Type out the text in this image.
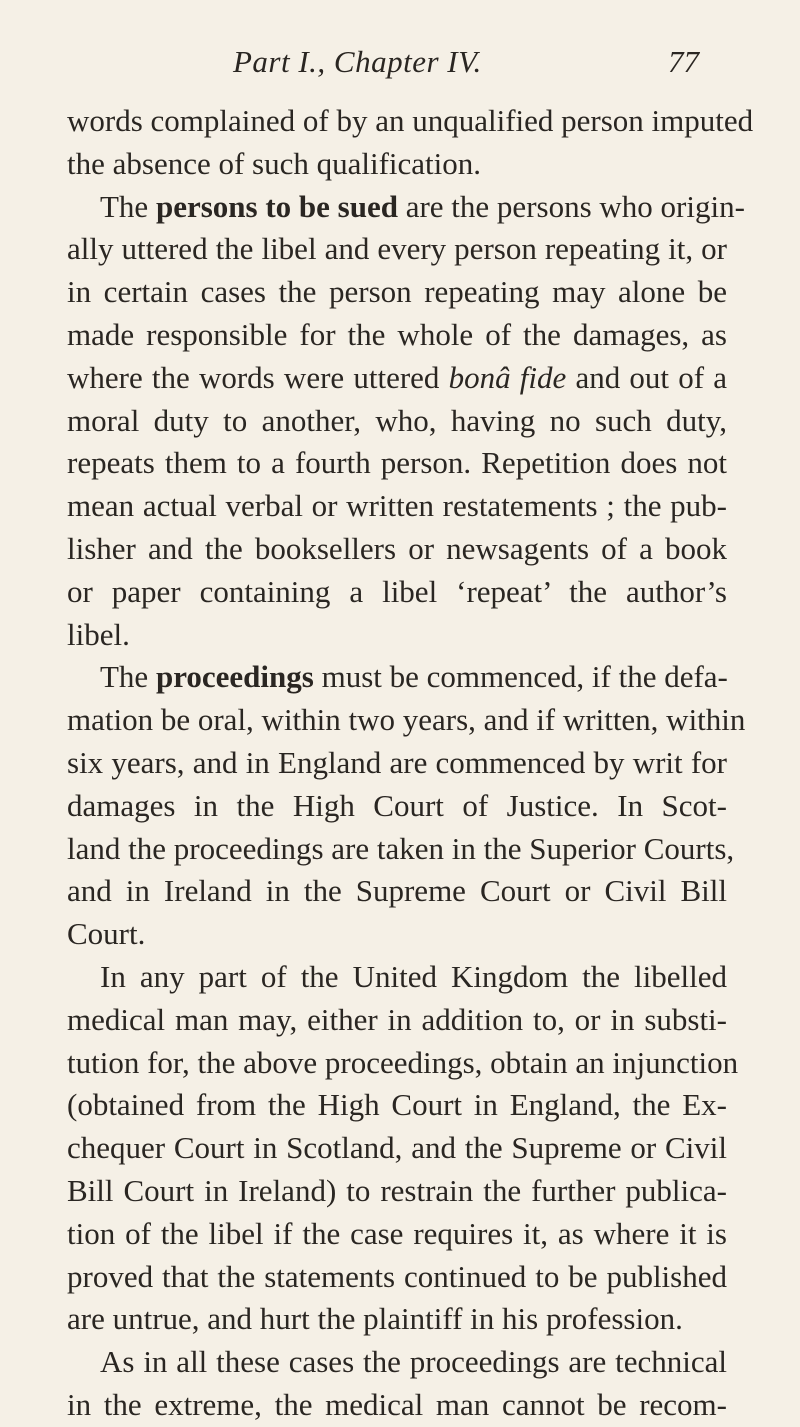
Part I., Chapter IV.	77
words complained of by an unqualified person imputed
the absence of such qualification.
The persons to be sued are the persons who origin-
ally uttered the libel and every person repeating it, or
in certain cases the person repeating may alone be
made responsible for the whole of the damages, as
where the words were uttered bonâ fide and out of a
moral duty to another, who, having no such duty,
repeats them to a fourth person. Repetition does not
mean actual verbal or written restatements ; the pub-
lisher and the booksellers or newsagents of a book
or paper containing a libel ‘repeat’ the author’s
libel.
The proceedings must be commenced, if the defa-
mation be oral, within two years, and if written, within
six years, and in England are commenced by writ for
damages in the High Court of Justice. In Scot-
land the proceedings are taken in the Superior Courts,
and in Ireland in the Supreme Court or Civil Bill
Court.
In any part of the United Kingdom the libelled
medical man may, either in addition to, or in substi-
tution for, the above proceedings, obtain an injunction
(obtained from the High Court in England, the Ex-
chequer Court in Scotland, and the Supreme or Civil
Bill Court in Ireland) to restrain the further publica-
tion of the libel if the case requires it, as where it is
proved that the statements continued to be published
are untrue, and hurt the plaintiff in his profession.
As in all these cases the proceedings are technical
in the extreme, the medical man cannot be recom-
